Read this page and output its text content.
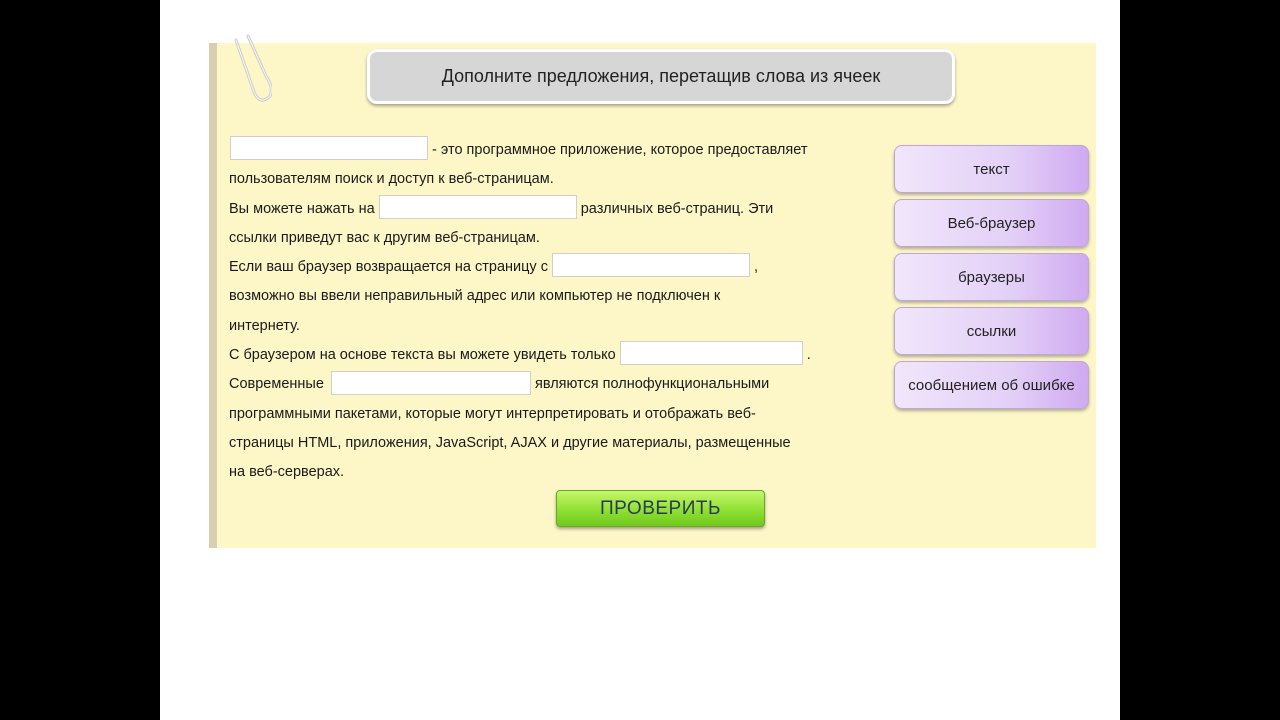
Дополните предложения, перетащив слова из ячеек
- это программное приложение, которое предоставляет
пользователям поиск и доступ к веб-страницам.
Вы можете нажать на	различных веб-страниц. Эти
ссылки приведут вас к другим веб-страницам.
Если ваш браузер возвращается на страницу с	,
возможно вы ввели неправильный адрес или компьютер не подключен к
интернету.
С браузером на основе текста вы можете увидеть только	.
Современные	являются полнофункциональными
программными пакетами, которые могут интерпретировать и отображать веб-
страницы HTML, приложения, JavaScript, AJAX и другие материалы, размещенные
на веб-серверах.
текст
Веб-браузер
браузеры
ссылки
сообщением об ошибке
ПРОВЕРИТЬ
